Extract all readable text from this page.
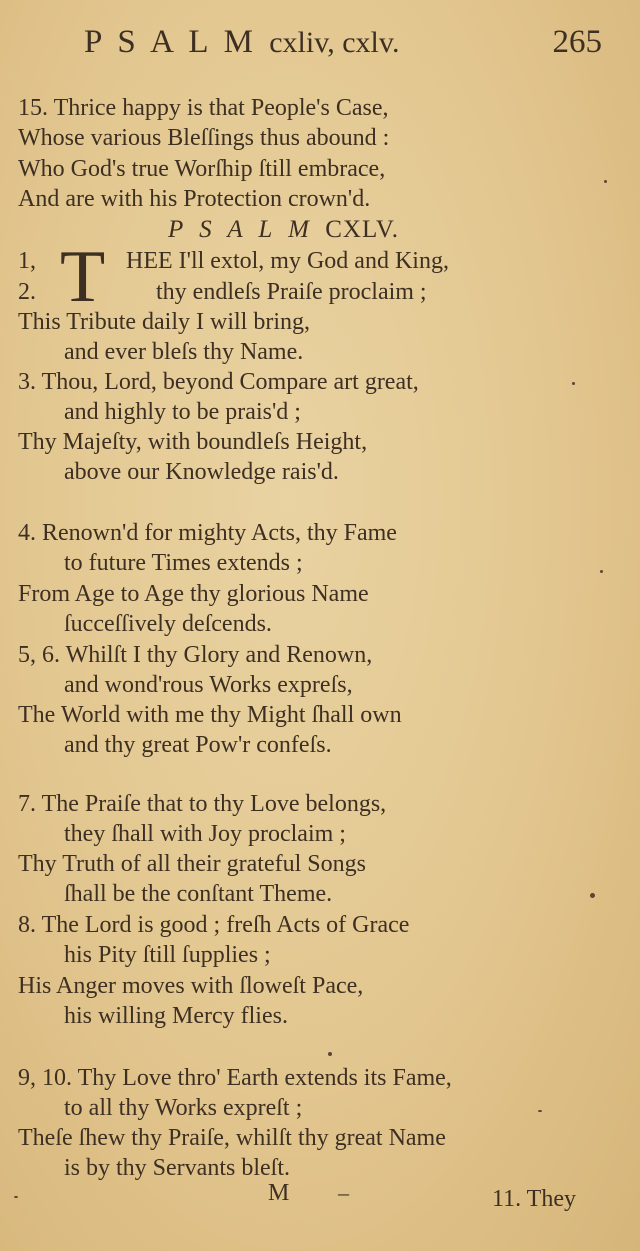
P S A L M cxliv, cxlv.	265
15. Thrice happy is that People's Case,
Whose various Bleſſings thus abound :
Who God's true Worſhip ſtill embrace,
And are with his Protection crown'd.
P S A L M CXLV.
1,
2. T HEE I'll extol, my God and King,
thy endleſs Praiſe proclaim ;
This Tribute daily I will bring,
and ever bleſs thy Name.
3. Thou, Lord, beyond Compare art great,
and highly to be prais'd ;
Thy Majeſty, with boundleſs Height,
above our Knowledge rais'd.
4. Renown'd for mighty Acts, thy Fame
to future Times extends ;
From Age to Age thy glorious Name
ſucceſſively deſcends.
5, 6. Whilſt I thy Glory and Renown,
and wond'rous Works expreſs,
The World with me thy Might ſhall own
and thy great Pow'r confeſs.
7. The Praiſe that to thy Love belongs,
they ſhall with Joy proclaim ;
Thy Truth of all their grateful Songs
ſhall be the conſtant Theme.
8. The Lord is good ; freſh Acts of Grace
his Pity ſtill ſupplies ;
His Anger moves with ſloweſt Pace,
his willing Mercy flies.
9, 10. Thy Love thro' Earth extends its Fame,
to all thy Works expreſt ;
Theſe ſhew thy Praiſe, whilſt thy great Name
is by thy Servants bleſt.
M –	11. They
